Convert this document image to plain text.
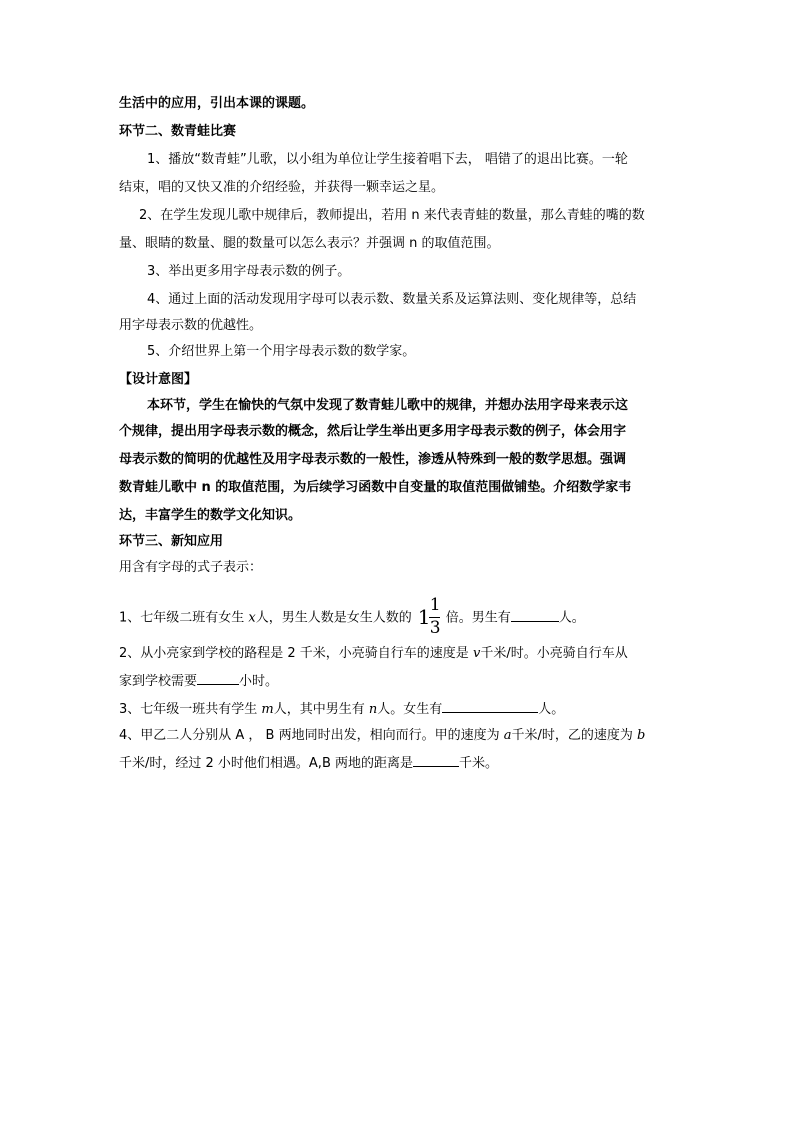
生活中的应用，引出本课的课题。
环节二、数青蛙比赛
1、播放“数青蛙”儿歌，以小组为单位让学生接着唱下去， 唱错了的退出比赛。一轮
结束，唱的又快又准的介绍经验，并获得一颗幸运之星。
2、在学生发现儿歌中规律后，教师提出，若用 n 来代表青蛙的数量，那么青蛙的嘴的数
量、眼睛的数量、腿的数量可以怎么表示？并强调 n 的取值范围。
3、举出更多用字母表示数的例子。
4、通过上面的活动发现用字母可以表示数、数量关系及运算法则、变化规律等，总结
用字母表示数的优越性。
5、介绍世界上第一个用字母表示数的数学家。
【设计意图】
本环节，学生在愉快的气氛中发现了数青蛙儿歌中的规律，并想办法用字母来表示这
个规律，提出用字母表示数的概念，然后让学生举出更多用字母表示数的例子，体会用字
母表示数的简明的优越性及用字母表示数的一般性，渗透从特殊到一般的数学思想。强调
数青蛙儿歌中 n 的取值范围，为后续学习函数中自变量的取值范围做铺垫。介绍数学家韦
达，丰富学生的数学文化知识。
环节三、新知应用
用含有字母的式子表示：
1、七年级二班有女生 x人，男生人数是女生人数的 1 1
3 倍。男生有	人。
2、从小亮家到学校的路程是 2 千米，小亮骑自行车的速度是 v千米/时。小亮骑自行车从
家到学校需要	小时。
3、七年级一班共有学生 m人，其中男生有 n人。女生有	人。
4、甲乙二人分别从 A ， B 两地同时出发，相向而行。甲的速度为 a千米/时，乙的速度为 b
千米/时，经过 2 小时他们相遇。A,B 两地的距离是	千米。
